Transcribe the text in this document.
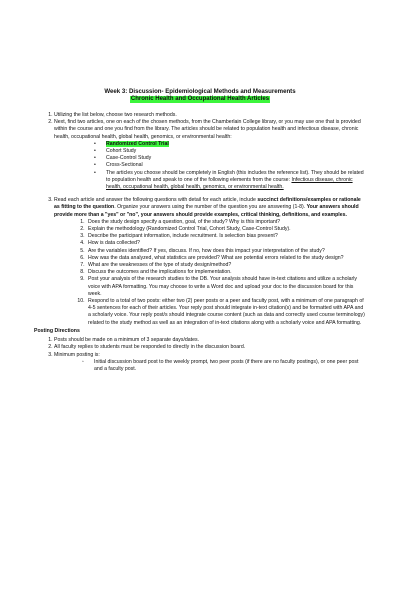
Week 3: Discussion- Epidemiological Methods and Measurements
Chronic Health and Occupational Health Articles
1. Utilizing the list below, choose two research methods.
2. Next, find two articles, one on each of the chosen methods, from the Chamberlain College library, or you may use one that is provided within the course and one you find from the library. The articles should be related to population health and infectious disease, chronic health, occupational health, global health, genomics, or environmental health:
• Randomized Control Trial
• Cohort Study
• Case-Control Study
• Cross-Sectional
• The articles you choose should be completely in English (this includes the reference list). They should be related to population health and speak to one of the following elements from the course: Infectious disease, chronic health, occupational health, global health, genomics, or environmental health.
3. Read each article and answer the following questions with detail for each article, include succinct definitions/examples or rationale as fitting to the question. Organize your answers using the number of the question you are answering (1-8). Your answers should provide more than a "yes" or "no", your answers should provide examples, critical thinking, definitions, and examples.
1. Does the study design specify a question, goal, of the study? Why is this important?
2. Explain the methodology (Randomized Control Trial, Cohort Study, Case-Control Study).
3. Describe the participant information, include recruitment. Is selection bias present?
4. How is data collected?
5. Are the variables identified? If yes, discuss. If no, how does this impact your interpretation of the study?
6. How was the data analyzed, what statistics are provided? What are potential errors related to the study design?
7. What are the weaknesses of the type of study design/method?
8. Discuss the outcomes and the implications for implementation.
9. Post your analysis of the research studies to the DB. Your analysis should have in-text citations and utilize a scholarly voice with APA formatting. You may choose to write a Word doc and upload your doc to the discussion board for this week.
10. Respond to a total of two posts: either two (2) peer posts or a peer and faculty post, with a minimum of one paragraph of 4-5 sentences for each of their articles. Your reply post should integrate in-text citation(s) and be formatted with APA and a scholarly voice. Your reply post/s should integrate course content (such as data and correctly used course terminology) related to the study method as well as an integration of in-text citations along with a scholarly voice and APA formatting.
Posting Directions
1. Posts should be made on a minimum of 3 separate days/dates.
2. All faculty replies to students must be responded to directly in the discussion board.
3. Minimum posting is:
◦ Initial discussion board post to the weekly prompt, two peer posts (if there are no faculty postings), or one peer post and a faculty post.
